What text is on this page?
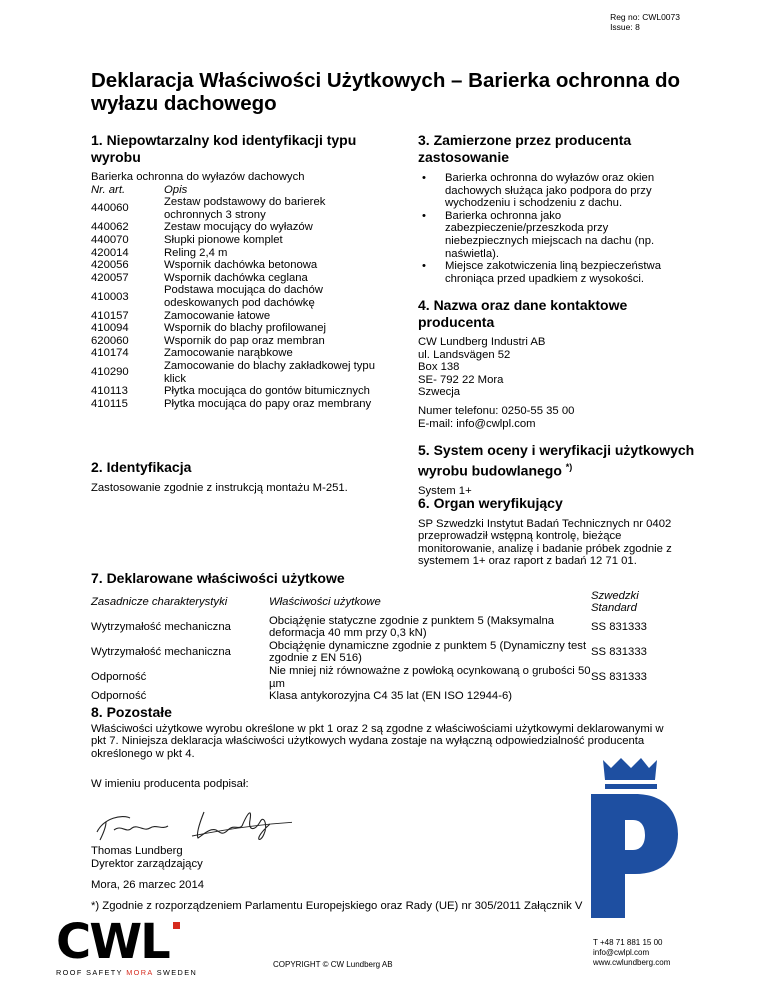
Reg no: CWL0073
Issue: 8
Deklaracja Właściwości Użytkowych – Barierka ochronna do wyłazu dachowego
1. Niepowtarzalny kod identyfikacji typu wyrobu
Barierka ochronna do wyłazów dachowych
Nr. art.	Opis
440060	Zestaw podstawowy do barierek ochronnych 3 strony
440062	Zestaw mocujący do wyłazów
440070	Słupki pionowe komplet
420014	Reling 2,4 m
420056	Wspornik dachówka betonowa
420057	Wspornik dachówka ceglana
410003	Podstawa mocująca do dachów odeskowanych pod dachówkę
410157	Zamocowanie łatowe
410094	Wspornik do blachy profilowanej
620060	Wspornik do pap oraz membran
410174	Zamocowanie narąbkowe
410290	Zamocowanie do blachy zakładkowej typu klick
410113	Płytka mocująca do gontów bitumicznych
410115	Płytka mocująca do papy oraz membrany
2. Identyfikacja
Zastosowanie zgodnie z instrukcją montażu M-251.
3. Zamierzone przez producenta zastosowanie
• Barierka ochronna do wyłazów oraz okien dachowych służąca jako podpora do przy wychodzeniu i schodzeniu z dachu.
• Barierka ochronna jako zabezpieczenie/przeszkoda przy niebezpiecznych miejscach na dachu (np. naświetla).
• Miejsce zakotwiczenia liną bezpieczeństwa chroniąca przed upadkiem z wysokości.
4. Nazwa oraz dane kontaktowe producenta
CW Lundberg Industri AB
ul. Landsvägen 52
Box 138
SE- 792 22 Mora
Szwecja
Numer telefonu: 0250-55 35 00
E-mail: info@cwlpl.com
5. System oceny i weryfikacji użytkowych wyrobu budowlanego *)
System 1+
6. Organ weryfikujący
SP Szwedzki Instytut Badań Technicznych nr 0402 przeprowadził wstępną kontrolę, bieżące monitorowanie, analizę i badanie próbek zgodnie z systemem 1+ oraz raport z badań 12 71 01.
7. Deklarowane właściwości użytkowe
Zasadnicze charakterystyki	Właściwości użytkowe	Szwedzki Standard
Wytrzymałość mechaniczna	Obciążęnie statyczne zgodnie z punktem 5 (Maksymalna deformacja 40 mm przy 0,3 kN)	SS 831333
Wytrzymałość mechaniczna	Obciążęnie dynamiczne zgodnie z punktem 5 (Dynamiczny test zgodnie z EN 516)	SS 831333
Odporność	Nie mniej niż równoważne z powłoką ocynkowaną o grubości 50 µm	SS 831333
Odporność	Klasa antykorozyjna C4 35 lat (EN ISO 12944-6)	
8. Pozostałe
Właściwości użytkowe wyrobu określone w pkt 1 oraz 2 są zgodne z właściwościami użytkowymi deklarowanymi w pkt 7. Niniejsza deklaracja właściwości użytkowych wydana zostaje na wyłączną odpowiedzialność producenta określonego w pkt 4.
W imieniu producenta podpisał:
Thomas Lundberg
Dyrektor zarządzający
Mora, 26 marzec 2014
*) Zgodnie z rozporządzeniem Parlamentu Europejskiego oraz Rady (UE) nr 305/2011 Załącznik V
CWL
ROOF SAFETY MORA SWEDEN
COPYRIGHT © CW Lundberg AB
T +48 71 881 15 00
info@cwlpl.com
www.cwlundberg.com
